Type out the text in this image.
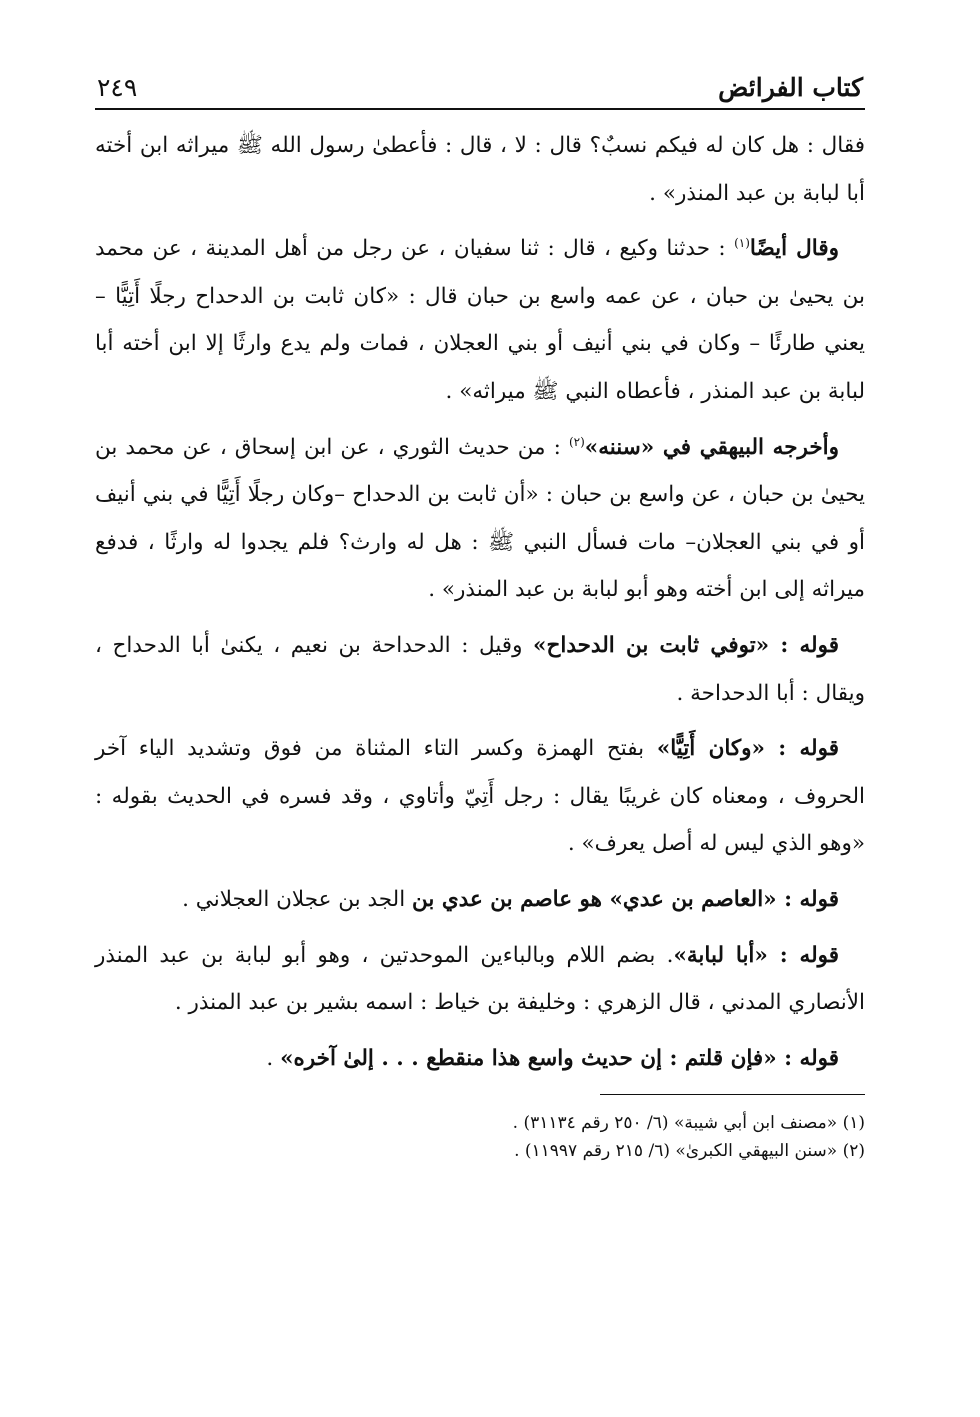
كتاب الفرائض
٢٤٩

فقال : هل كان له فيكم نسبٌ؟ قال : لا ، قال : فأعطىٰ رسول الله ﷺ ميراثه ابن أخته أبا لبابة بن عبد المنذر» .

وقال أيضًا$^{(١)}$ : حدثنا وكيع ، قال : ثنا سفيان ، عن رجل من أهل المدينة ، عن محمد بن يحيىٰ بن حبان ، عن عمه واسع بن حبان قال : «كان ثابت بن الدحداح رجلًا أَتِيًّا – يعني طارئًا – وكان في بني أنيف أو بني العجلان ، فمات ولم يدع وارثًا إلا ابن أخته أبا لبابة بن عبد المنذر ، فأعطاه النبي ﷺ ميراثه» .

وأخرجه البيهقي في «سننه»$^{(٢)}$ : من حديث الثوري ، عن ابن إسحاق ، عن محمد بن يحيىٰ بن حبان ، عن واسع بن حبان : «أن ثابت بن الدحداح –وكان رجلًا أَتِيًّا في بني أنيف أو في بني العجلان– مات فسأل النبي ﷺ : هل له وارث؟ فلم يجدوا له وارثًا ، فدفع ميراثه إلى ابن أخته وهو أبو لبابة بن عبد المنذر» .

قوله : «توفي ثابت بن الدحداح» وقيل : الدحداحة بن نعيم ، يكنىٰ أبا الدحداح ، ويقال : أبا الدحداحة .

قوله : «وكان أَتِيًّا» بفتح الهمزة وكسر التاء المثناة من فوق وتشديد الياء آخر الحروف ، ومعناه كان غريبًا يقال : رجل أَتِيّ وأتاوي ، وقد فسره في الحديث بقوله : «وهو الذي ليس له أصل يعرف» .

قوله : «العاصم بن عدي» هو عاصم بن عدي بن الجد بن عجلان العجلاني .

قوله : «أبا لبابة». بضم اللام وبالباءين الموحدتين ، وهو أبو لبابة بن عبد المنذر الأنصاري المدني ، قال الزهري : وخليفة بن خياط : اسمه بشير بن عبد المنذر .

قوله : «فإن قلتم : إن حديث واسع هذا منقطع . . . إلىٰ آخره» .

(١) «مصنف ابن أبي شيبة» (٦/ ٢٥٠ رقم ٣١١٣٤) .

(٢) «سنن البيهقي الكبرىٰ» (٦/ ٢١٥ رقم ١١٩٩٧) .
